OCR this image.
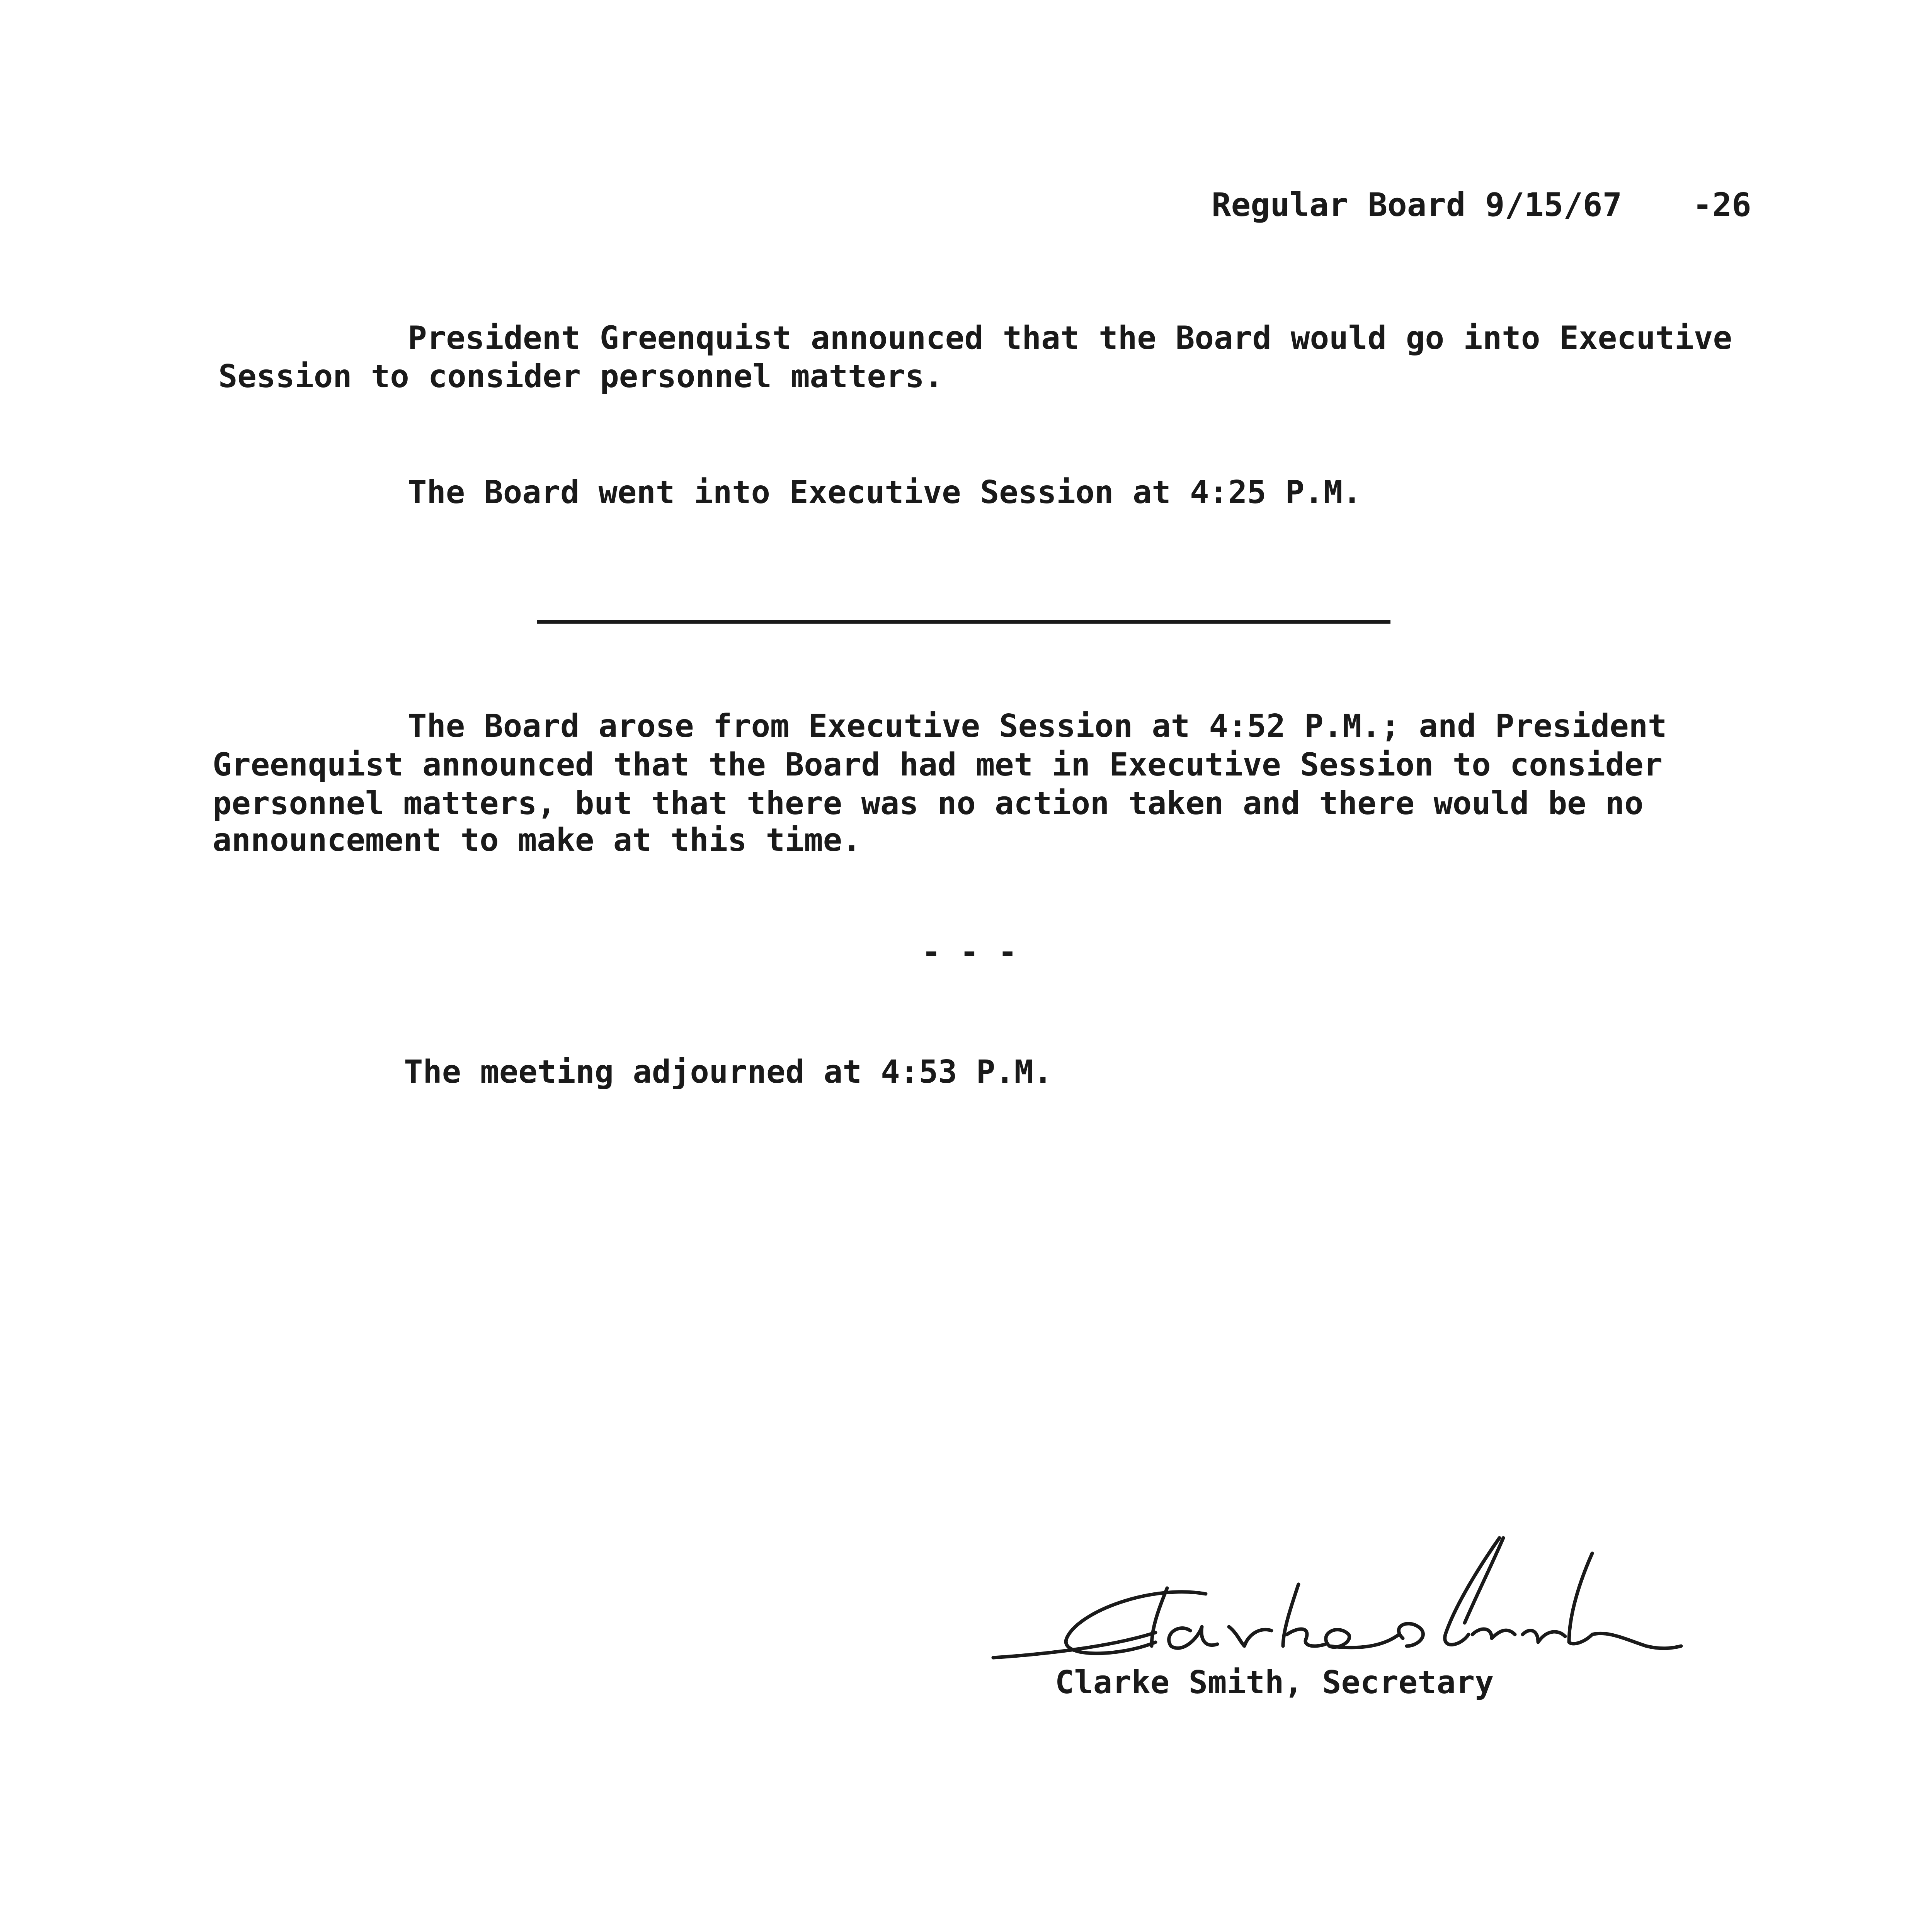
Regular Board 9/15/67 -26
President Greenquist announced that the Board would go into Executive
Session to consider personnel matters.
The Board went into Executive Session at 4:25 P.M.
The Board arose from Executive Session at 4:52 P.M.; and President
Greenquist announced that the Board had met in Executive Session to consider
personnel matters, but that there was no action taken and there would be no
announcement to make at this time.
- - -
The meeting adjourned at 4:53 P.M.
Clarke Smith, Secretary
